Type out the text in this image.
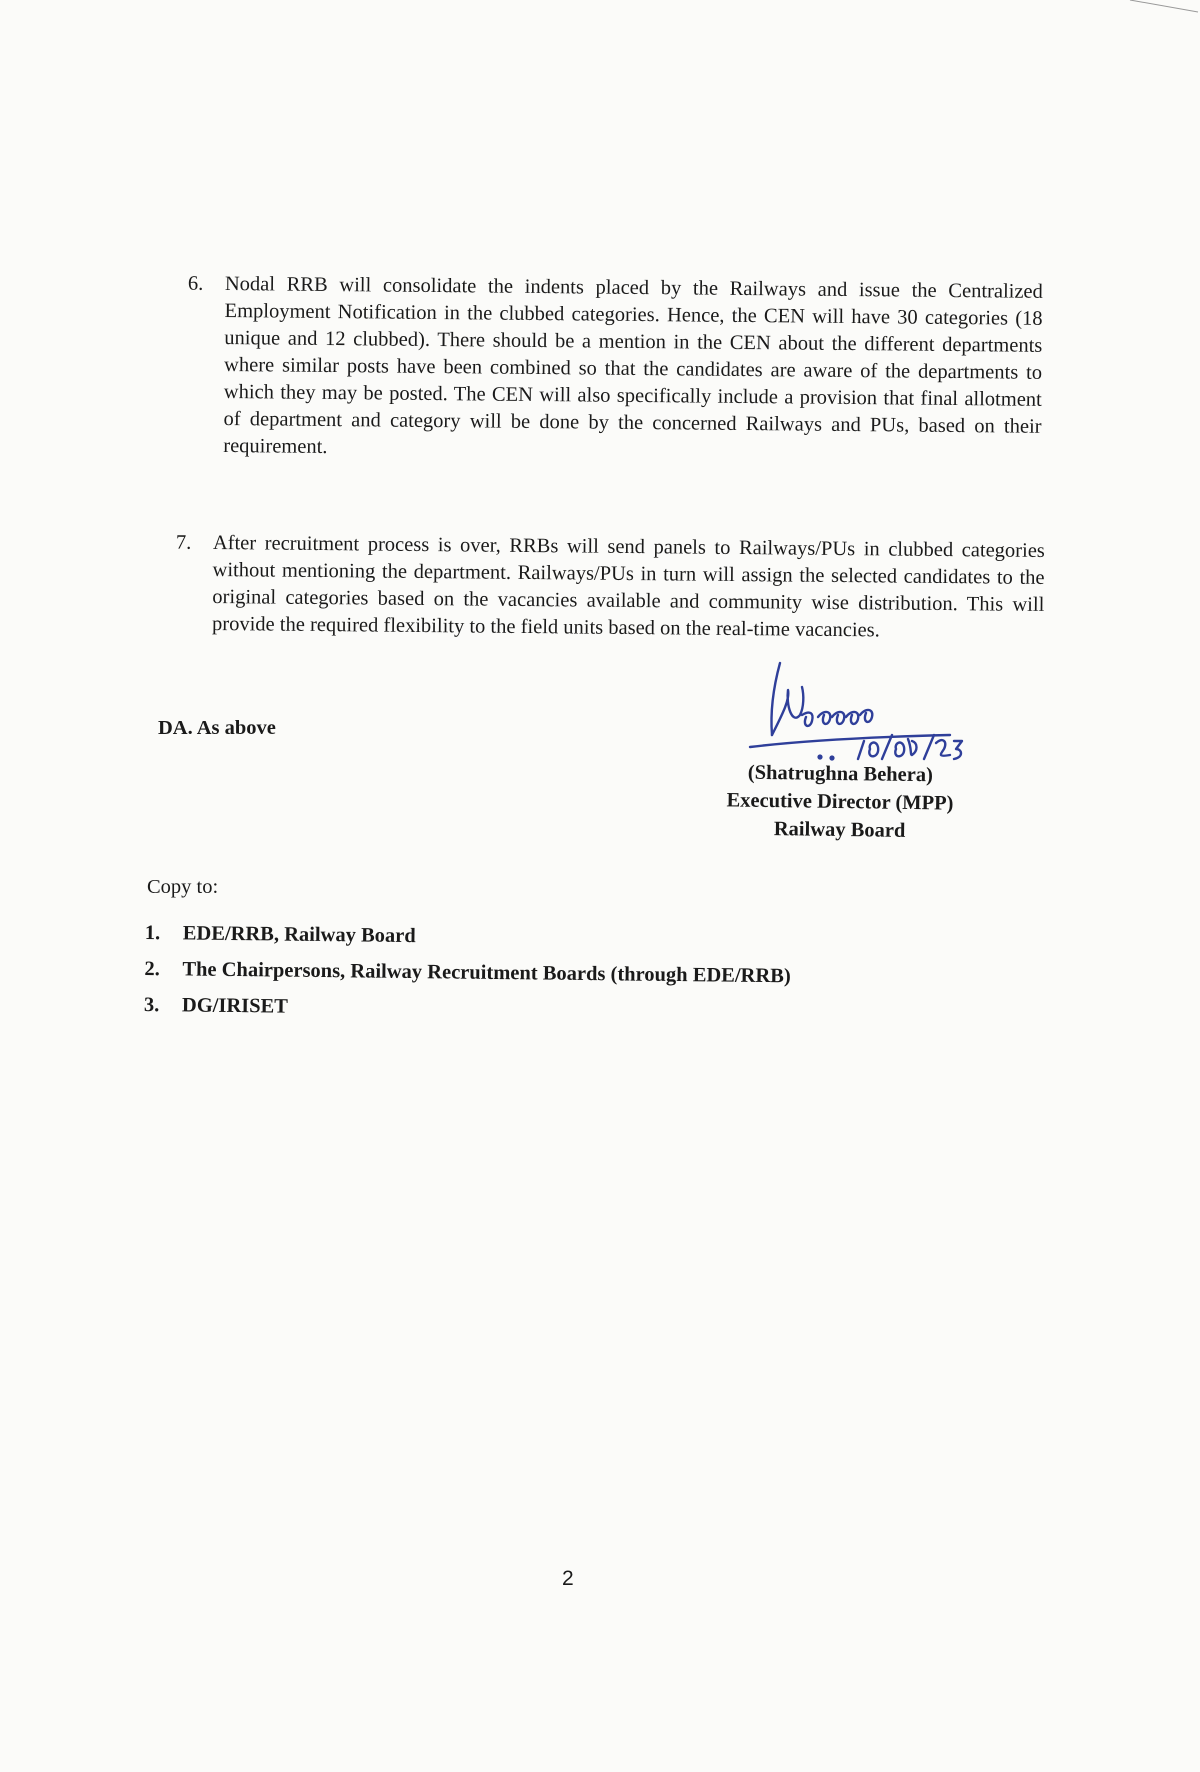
6. Nodal RRB will consolidate the indents placed by the Railways and issue the Centralized Employment Notification in the clubbed categories. Hence, the CEN will have 30 categories (18 unique and 12 clubbed). There should be a mention in the CEN about the different departments where similar posts have been combined so that the candidates are aware of the departments to which they may be posted. The CEN will also specifically include a provision that final allotment of department and category will be done by the concerned Railways and PUs, based on their requirement.
7. After recruitment process is over, RRBs will send panels to Railways/PUs in clubbed categories without mentioning the department. Railways/PUs in turn will assign the selected candidates to the original categories based on the vacancies available and community wise distribution. This will provide the required flexibility to the field units based on the real-time vacancies.
DA. As above
(Shatrughna Behera)
Executive Director (MPP)
Railway Board
Copy to:
1.	EDE/RRB, Railway Board
2.	The Chairpersons, Railway Recruitment Boards (through EDE/RRB)
3.	DG/IRISET
2
